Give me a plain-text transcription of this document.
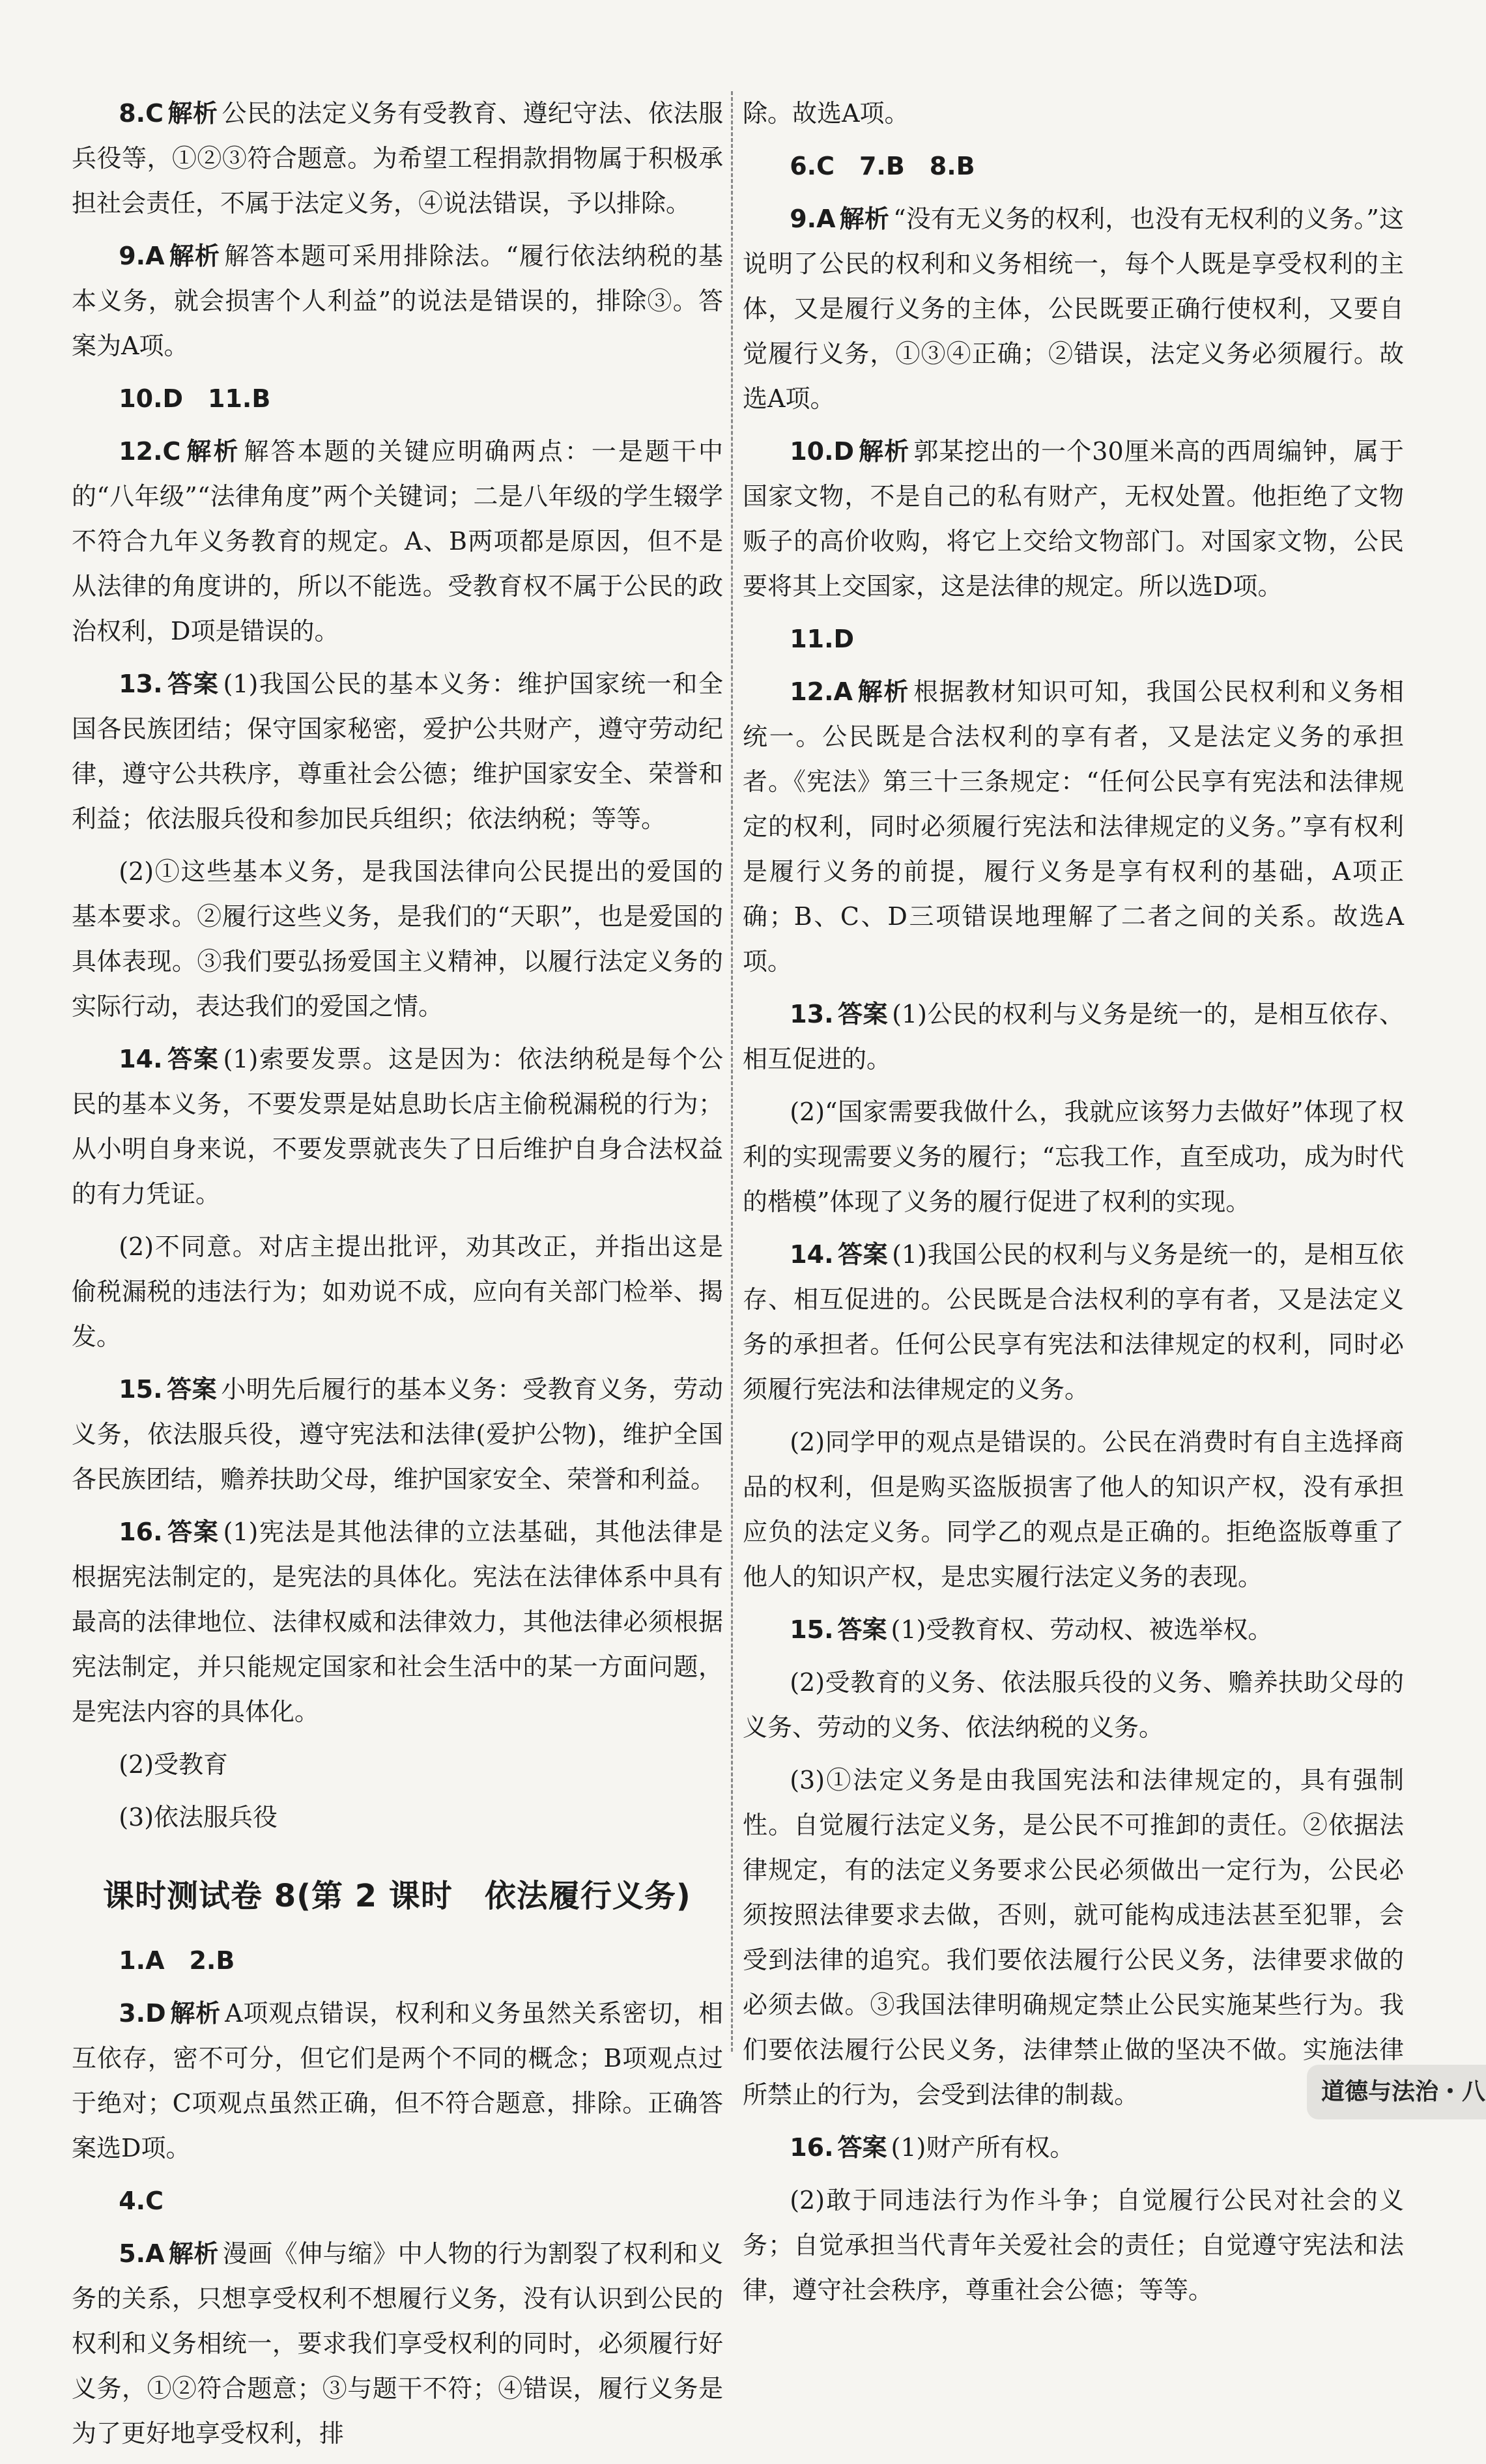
8.C 解析 公民的法定义务有受教育、遵纪守法、依法服兵役等，①②③符合题意。为希望工程捐款捐物属于积极承担社会责任，不属于法定义务，④说法错误，予以排除。

9.A 解析 解答本题可采用排除法。“履行依法纳税的基本义务，就会损害个人利益”的说法是错误的，排除③。答案为A项。

10.D　11.B

12.C 解析 解答本题的关键应明确两点：一是题干中的“八年级”“法律角度”两个关键词；二是八年级的学生辍学不符合九年义务教育的规定。A、B两项都是原因，但不是从法律的角度讲的，所以不能选。受教育权不属于公民的政治权利，D项是错误的。

13. 答案 (1)我国公民的基本义务：维护国家统一和全国各民族团结；保守国家秘密，爱护公共财产，遵守劳动纪律，遵守公共秩序，尊重社会公德；维护国家安全、荣誉和利益；依法服兵役和参加民兵组织；依法纳税；等等。

(2)①这些基本义务，是我国法律向公民提出的爱国的基本要求。②履行这些义务，是我们的“天职”，也是爱国的具体表现。③我们要弘扬爱国主义精神，以履行法定义务的实际行动，表达我们的爱国之情。

14. 答案 (1)索要发票。这是因为：依法纳税是每个公民的基本义务，不要发票是姑息助长店主偷税漏税的行为；从小明自身来说，不要发票就丧失了日后维护自身合法权益的有力凭证。

(2)不同意。对店主提出批评，劝其改正，并指出这是偷税漏税的违法行为；如劝说不成，应向有关部门检举、揭发。

15. 答案 小明先后履行的基本义务：受教育义务，劳动义务，依法服兵役，遵守宪法和法律(爱护公物)，维护全国各民族团结，赡养扶助父母，维护国家安全、荣誉和利益。

16. 答案 (1)宪法是其他法律的立法基础，其他法律是根据宪法制定的，是宪法的具体化。宪法在法律体系中具有最高的法律地位、法律权威和法律效力，其他法律必须根据宪法制定，并只能规定国家和社会生活中的某一方面问题，是宪法内容的具体化。

(2)受教育

(3)依法服兵役

课时测试卷 8(第 2 课时　依法履行义务)

1.A　2.B

3.D 解析 A项观点错误，权利和义务虽然关系密切，相互依存，密不可分，但它们是两个不同的概念；B项观点过于绝对；C项观点虽然正确，但不符合题意，排除。正确答案选D项。

4.C

5.A 解析 漫画《伸与缩》中人物的行为割裂了权利和义务的关系，只想享受权利不想履行义务，没有认识到公民的权利和义务相统一，要求我们享受权利的同时，必须履行好义务，①②符合题意；③与题干不符；④错误，履行义务是为了更好地享受权利，排

除。故选A项。

6.C　7.B　8.B

9.A 解析 “没有无义务的权利，也没有无权利的义务。”这说明了公民的权利和义务相统一，每个人既是享受权利的主体，又是履行义务的主体，公民既要正确行使权利，又要自觉履行义务，①③④正确；②错误，法定义务必须履行。故选A项。

10.D 解析 郭某挖出的一个30厘米高的西周编钟，属于国家文物，不是自己的私有财产，无权处置。他拒绝了文物贩子的高价收购，将它上交给文物部门。对国家文物，公民要将其上交国家，这是法律的规定。所以选D项。

11.D

12.A 解析 根据教材知识可知，我国公民权利和义务相统一。公民既是合法权利的享有者，又是法定义务的承担者。《宪法》第三十三条规定：“任何公民享有宪法和法律规定的权利，同时必须履行宪法和法律规定的义务。”享有权利是履行义务的前提，履行义务是享有权利的基础，A项正确；B、C、D三项错误地理解了二者之间的关系。故选A项。

13. 答案 (1)公民的权利与义务是统一的，是相互依存、相互促进的。

(2)“国家需要我做什么，我就应该努力去做好”体现了权利的实现需要义务的履行；“忘我工作，直至成功，成为时代的楷模”体现了义务的履行促进了权利的实现。

14. 答案 (1)我国公民的权利与义务是统一的，是相互依存、相互促进的。公民既是合法权利的享有者，又是法定义务的承担者。任何公民享有宪法和法律规定的权利，同时必须履行宪法和法律规定的义务。

(2)同学甲的观点是错误的。公民在消费时有自主选择商品的权利，但是购买盗版损害了他人的知识产权，没有承担应负的法定义务。同学乙的观点是正确的。拒绝盗版尊重了他人的知识产权，是忠实履行法定义务的表现。

15. 答案 (1)受教育权、劳动权、被选举权。

(2)受教育的义务、依法服兵役的义务、赡养扶助父母的义务、劳动的义务、依法纳税的义务。

(3)①法定义务是由我国宪法和法律规定的，具有强制性。自觉履行法定义务，是公民不可推卸的责任。②依据法律规定，有的法定义务要求公民必须做出一定行为，公民必须按照法律要求去做，否则，就可能构成违法甚至犯罪，会受到法律的追究。我们要依法履行公民义务，法律要求做的必须去做。③我国法律明确规定禁止公民实施某些行为。我们要依法履行公民义务，法律禁止做的坚决不做。实施法律所禁止的行为，会受到法律的制裁。

16. 答案 (1)财产所有权。

(2)敢于同违法行为作斗争；自觉履行公民对社会的义务；自觉承担当代青年关爱社会的责任；自觉遵守宪法和法律，遵守社会秩序，尊重社会公德；等等。

道德与法治・八
